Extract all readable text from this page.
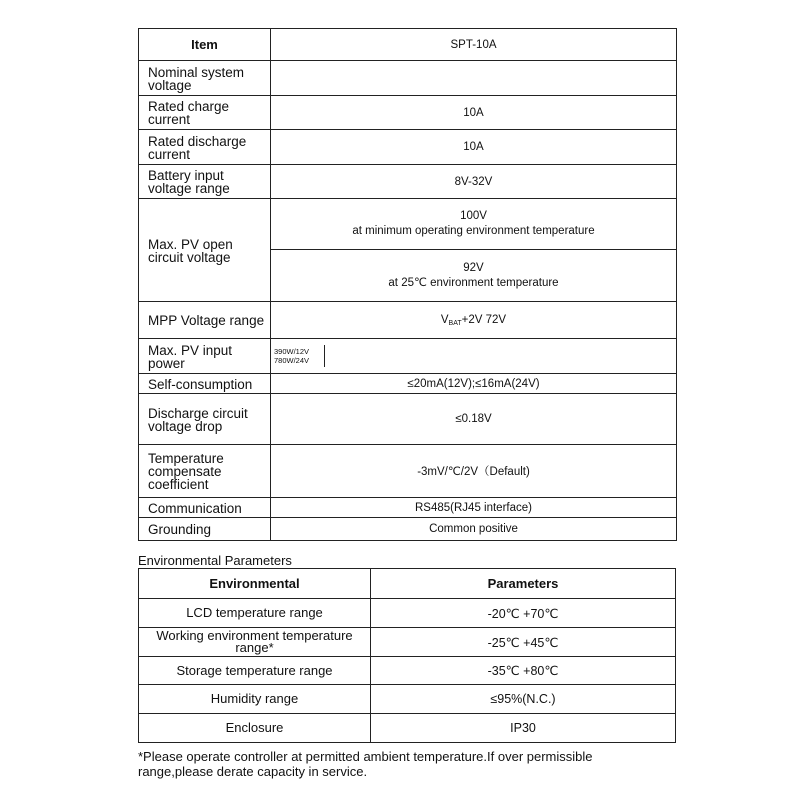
Item	SPT-10A
Nominal system voltage	
Rated charge current	10A
Rated discharge current	10A
Battery input voltage range	8V-32V
Max. PV open circuit voltage	100V
at minimum operating environment temperature

	92V
at 25℃ environment temperature

MPP Voltage range	$V_{BAT}+2V$ 72V
Max. PV input power	390W/12V
780W/24V

Self-consumption	≤20mA(12V);≤16mA(24V)
Discharge circuit voltage drop	≤0.18V
Temperature compensate coefficient	-3mV/℃/2V（Default)
Communication	RS485(RJ45 interface)
Grounding	Common positive
Environmental Parameters
Environmental	Parameters
LCD temperature range	-20℃ +70℃
Working environment temperature range*	-25℃ +45℃
Storage temperature range	-35℃ +80℃
Humidity range	≤95%(N.C.)
Enclosure	IP30

*Please operate controller at permitted ambient temperature.If over permissible range,please derate capacity in service.
